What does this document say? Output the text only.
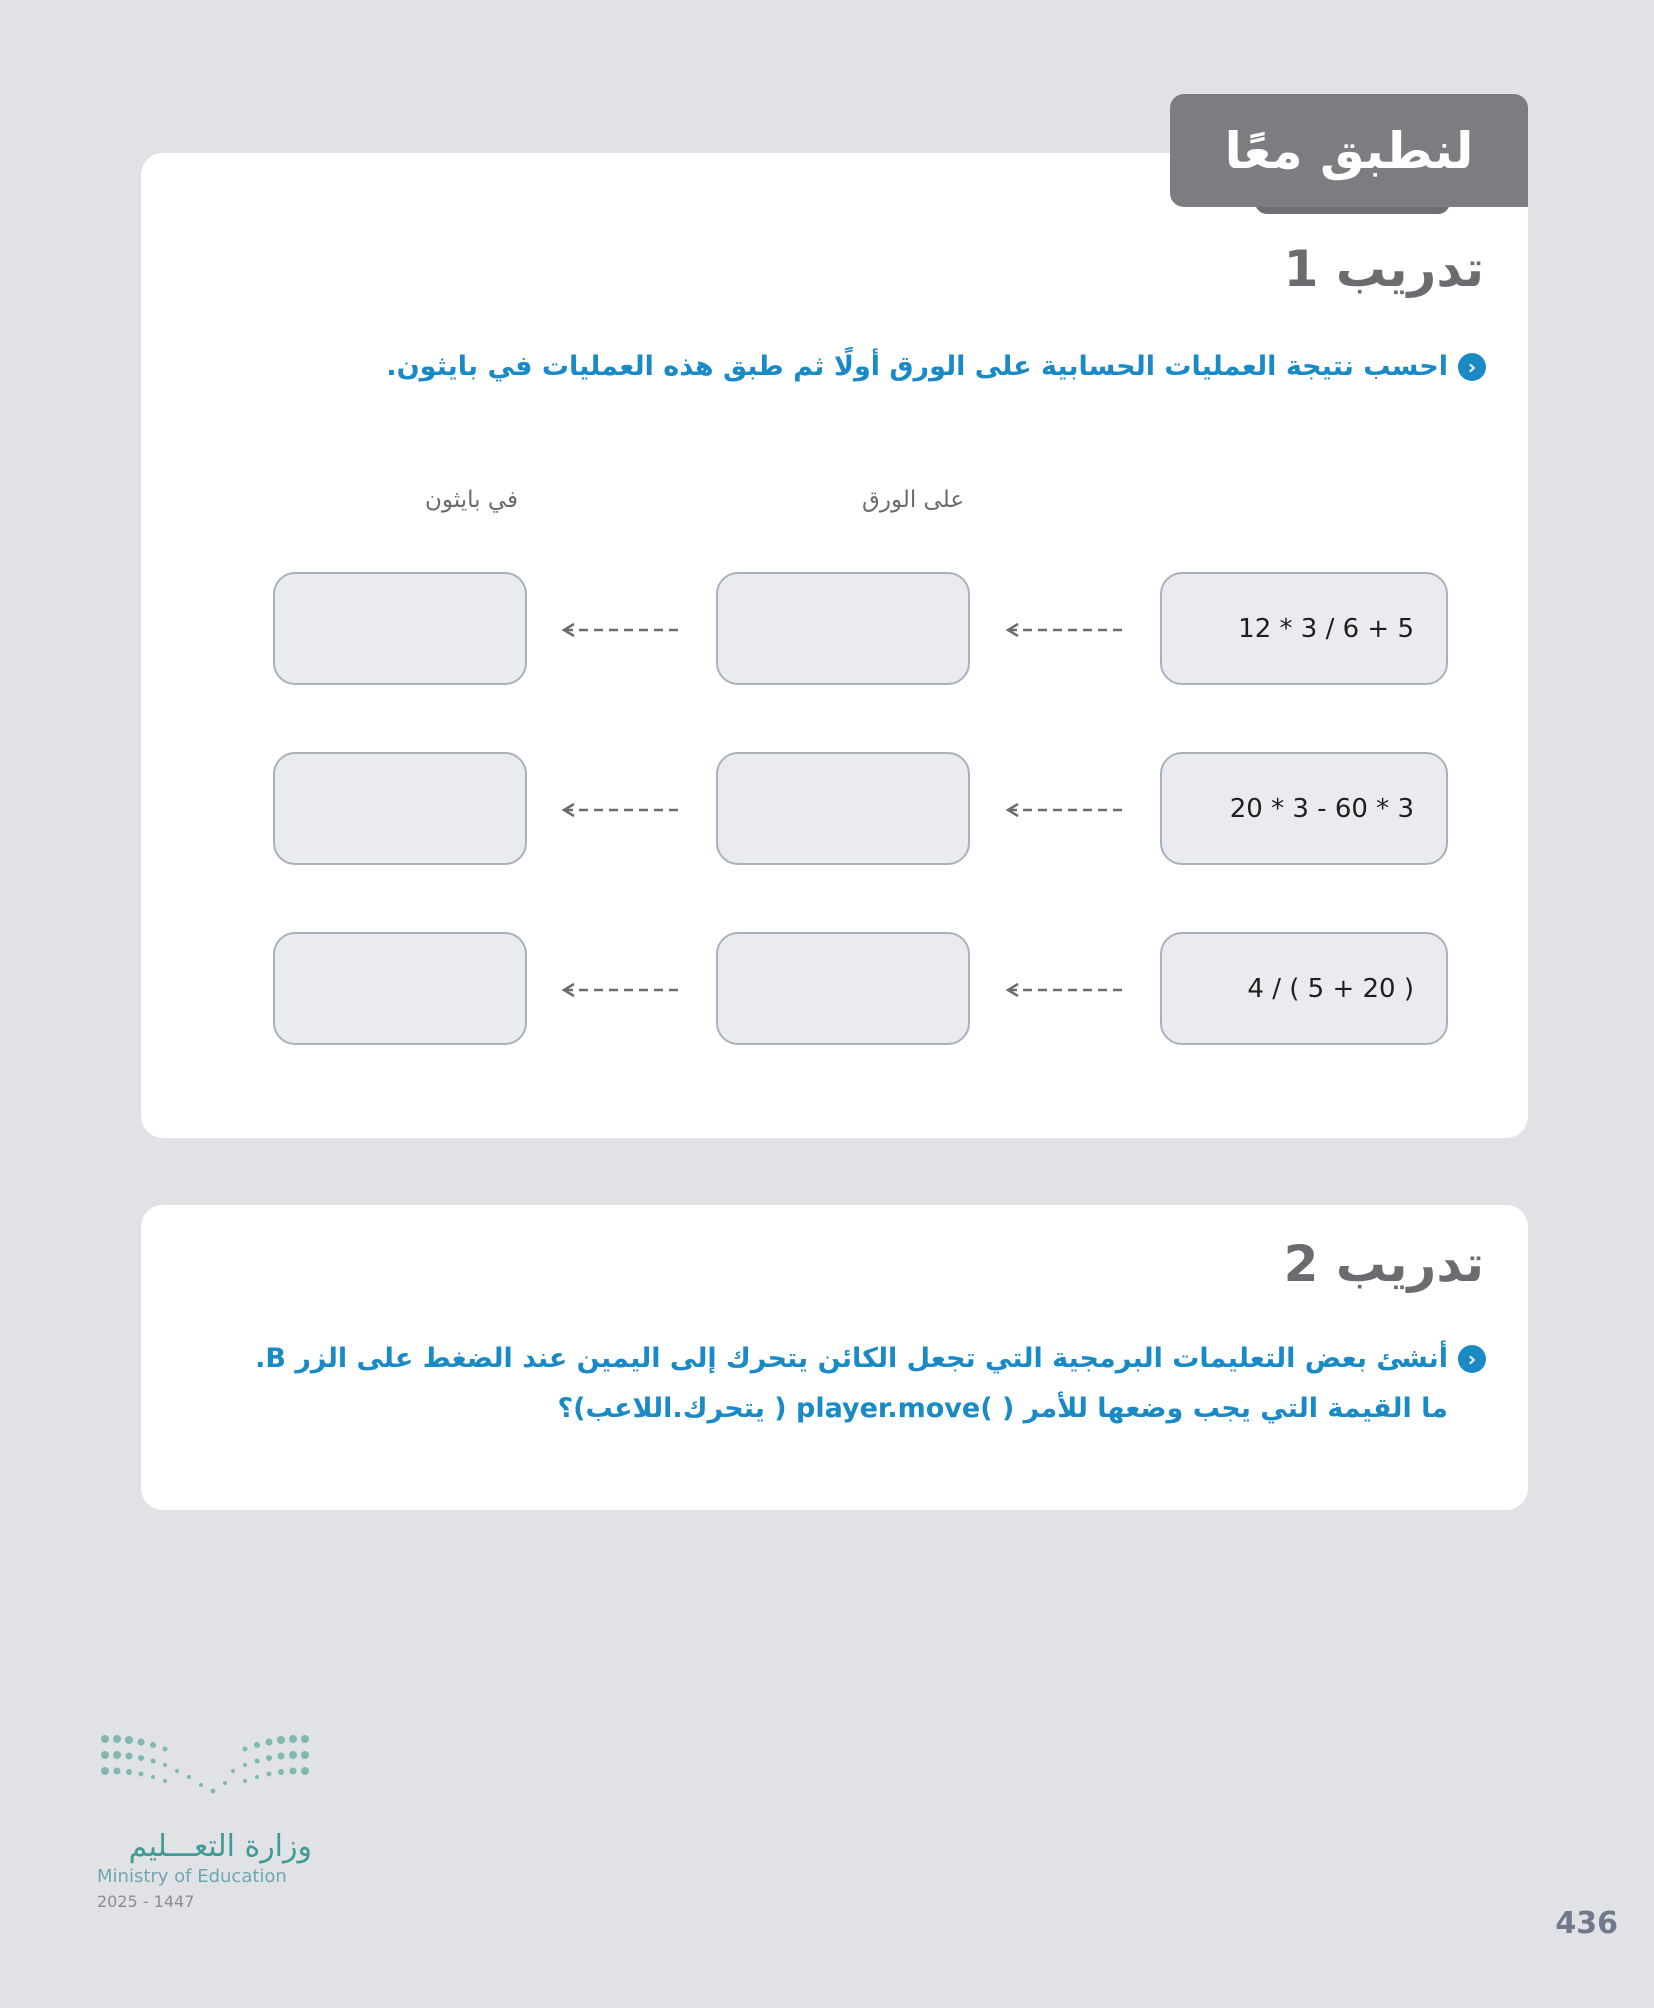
لنطبق معًا
تدريب 1
‹
احسب نتيجة العمليات الحسابية على الورق أولًا ثم طبق هذه العمليات في بايثون.
على الورق
في بايثون
12 * 3 / 6 + 5
20 * 3 - 60 * 3
4 / ( 5 + 20 )
تدريب 2
‹
أنشئ بعض التعليمات البرمجية التي تجعل الكائن يتحرك إلى اليمين عند الضغط على الزر B.
ما القيمة التي يجب وضعها للأمر ( )player.move ( يتحرك.اللاعب)؟
وزارة التعـــليم
Ministry of Education
2025 - 1447
436
